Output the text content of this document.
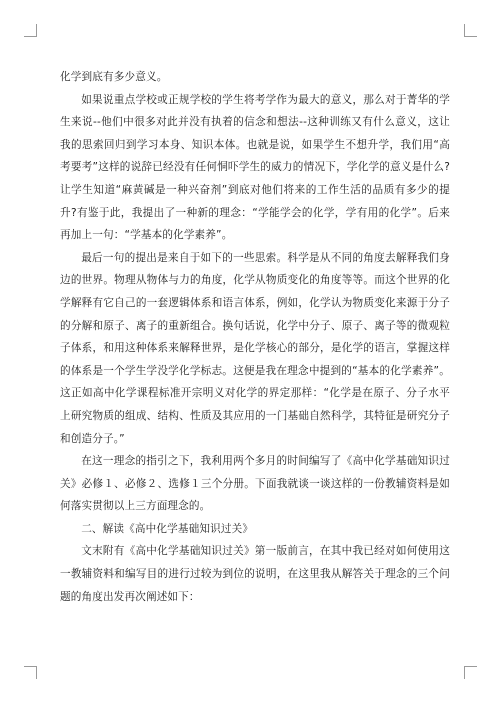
化学到底有多少意义。

如果说重点学校或正规学校的学生将考学作为最大的意义，那么对于菁华的学生来说--他们中很多对此并没有执着的信念和想法--这种训练又有什么意义，这让我的思索回归到学习本身、知识本体。也就是说，如果学生不想升学，我们用“高考要考”这样的说辞已经没有任何恫吓学生的威力的情况下，学化学的意义是什么?让学生知道“麻黄碱是一种兴奋剂”到底对他们将来的工作生活的品质有多少的提升?有鉴于此，我提出了一种新的理念：“学能学会的化学，学有用的化学”。后来再加上一句：“学基本的化学素养”。

最后一句的提出是来自于如下的一些思索。科学是从不同的角度去解释我们身边的世界。物理从物体与力的角度，化学从物质变化的角度等等。而这个世界的化学解释有它自己的一套逻辑体系和语言体系，例如，化学认为物质变化来源于分子的分解和原子、离子的重新组合。换句话说，化学中分子、原子、离子等的微观粒子体系，和用这种体系来解释世界，是化学核心的部分，是化学的语言，掌握这样的体系是一个学生学没学化学标志。这便是我在理念中提到的“基本的化学素养”。这正如高中化学课程标准开宗明义对化学的界定那样：“化学是在原子、分子水平上研究物质的组成、结构、性质及其应用的一门基础自然科学，其特征是研究分子和创造分子。”

在这一理念的指引之下，我利用两个多月的时间编写了《高中化学基础知识过关》必修１、必修２、选修１三个分册。下面我就谈一谈这样的一份教辅资料是如何落实贯彻以上三方面理念的。

二、解读《高中化学基础知识过关》

文末附有《高中化学基础知识过关》第一版前言，在其中我已经对如何使用这一教辅资料和编写目的进行过较为到位的说明，在这里我从解答关于理念的三个问题的角度出发再次阐述如下：
